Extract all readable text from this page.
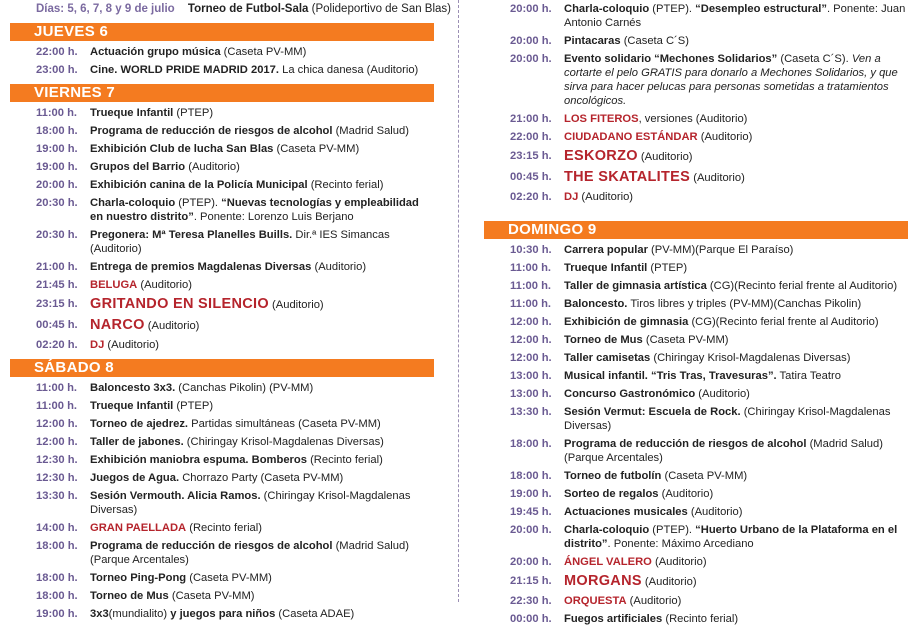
Días: 5, 6, 7, 8 y 9 de julio Torneo de Futbol-Sala (Polideportivo de San Blas)
JUEVES 6
22:00 h.	Actuación grupo música (Caseta PV-MM)
23:00 h.	Cine. WORLD PRIDE MADRID 2017. La chica danesa (Auditorio)
VIERNES 7
11:00 h.	Trueque Infantil (PTEP)
18:00 h.	Programa de reducción de riesgos de alcohol (Madrid Salud)
19:00 h.	Exhibición Club de lucha San Blas (Caseta PV-MM)
19:00 h.	Grupos del Barrio (Auditorio)
20:00 h.	Exhibición canina de la Policía Municipal (Recinto ferial)
20:30 h.	Charla-coloquio (PTEP). “Nuevas tecnologías y empleabilidad en nuestro distrito”. Ponente: Lorenzo Luis Berjano
20:30 h.	Pregonera: Mª Teresa Planelles Buills. Dir.ª IES Simancas (Auditorio)
21:00 h.	Entrega de premios Magdalenas Diversas (Auditorio)
21:45 h.	BELUGA (Auditorio)
23:15 h. GRITANDO EN SILENCIO (Auditorio)
00:45 h. NARCO (Auditorio)
02:20 h.	DJ (Auditorio)
SÁBADO 8
11:00 h.	Baloncesto 3x3. (Canchas Pikolin) (PV-MM)
11:00 h.	Trueque Infantil (PTEP)
12:00 h.	Torneo de ajedrez. Partidas simultáneas (Caseta PV-MM)
12:00 h.	Taller de jabones. (Chiringay Krisol-Magdalenas Diversas)
12:30 h.	Exhibición maniobra espuma. Bomberos (Recinto ferial)
12:30 h.	Juegos de Agua. Chorrazo Party (Caseta PV-MM)
13:30 h.	Sesión Vermouth. Alicia Ramos. (Chiringay Krisol-Magdalenas Diversas)
14:00 h.	GRAN PAELLADA (Recinto ferial)
18:00 h.	Programa de reducción de riesgos de alcohol (Madrid Salud) (Parque Arcentales)
18:00 h.	Torneo Ping-Pong (Caseta PV-MM)
18:00 h.	Torneo de Mus (Caseta PV-MM)
19:00 h.	3x3(mundialito) y juegos para niños (Caseta ADAE)
20:00 h.	Charla-coloquio (PTEP). “Desempleo estructural”. Ponente: Juan Antonio Carnés
20:00 h.	Pintacaras (Caseta C´S)
20:00 h.	Evento solidario “Mechones Solidarios” (Caseta C´S). Ven a cortarte el pelo GRATIS para donarlo a Mechones Solidarios, y que sirva para hacer pelucas para personas sometidas a tratamientos oncológicos.
21:00 h.	LOS FITEROS, versiones (Auditorio)
22:00 h.	CIUDADANO ESTÁNDAR (Auditorio)
23:15 h. ESKORZO (Auditorio)
00:45 h. THE SKATALITES (Auditorio)
02:20 h.	DJ (Auditorio)
DOMINGO 9
10:30 h.	Carrera popular (PV-MM)(Parque El Paraíso)
11:00 h.	Trueque Infantil (PTEP)
11:00 h.	Taller de gimnasia artística (CG)(Recinto ferial frente al Auditorio)
11:00 h.	Baloncesto. Tiros libres y triples (PV-MM)(Canchas Pikolin)
12:00 h.	Exhibición de gimnasia (CG)(Recinto ferial frente al Auditorio)
12:00 h.	Torneo de Mus (Caseta PV-MM)
12:00 h.	Taller camisetas (Chiringay Krisol-Magdalenas Diversas)
13:00 h.	Musical infantil. “Tris Tras, Travesuras”. Tatira Teatro
13:00 h.	Concurso Gastronómico (Auditorio)
13:30 h.	Sesión Vermut: Escuela de Rock. (Chiringay Krisol-Magdalenas Diversas)
18:00 h.	Programa de reducción de riesgos de alcohol (Madrid Salud) (Parque Arcentales)
18:00 h.	Torneo de futbolín (Caseta PV-MM)
19:00 h.	Sorteo de regalos (Auditorio)
19:45 h.	Actuaciones musicales (Auditorio)
20:00 h.	Charla-coloquio (PTEP). “Huerto Urbano de la Plataforma en el distrito”. Ponente: Máximo Arcediano
20:00 h.	ÁNGEL VALERO (Auditorio)
21:15 h. MORGANS (Auditorio)
22:30 h.	ORQUESTA (Auditorio)
00:00 h.	Fuegos artificiales (Recinto ferial)
